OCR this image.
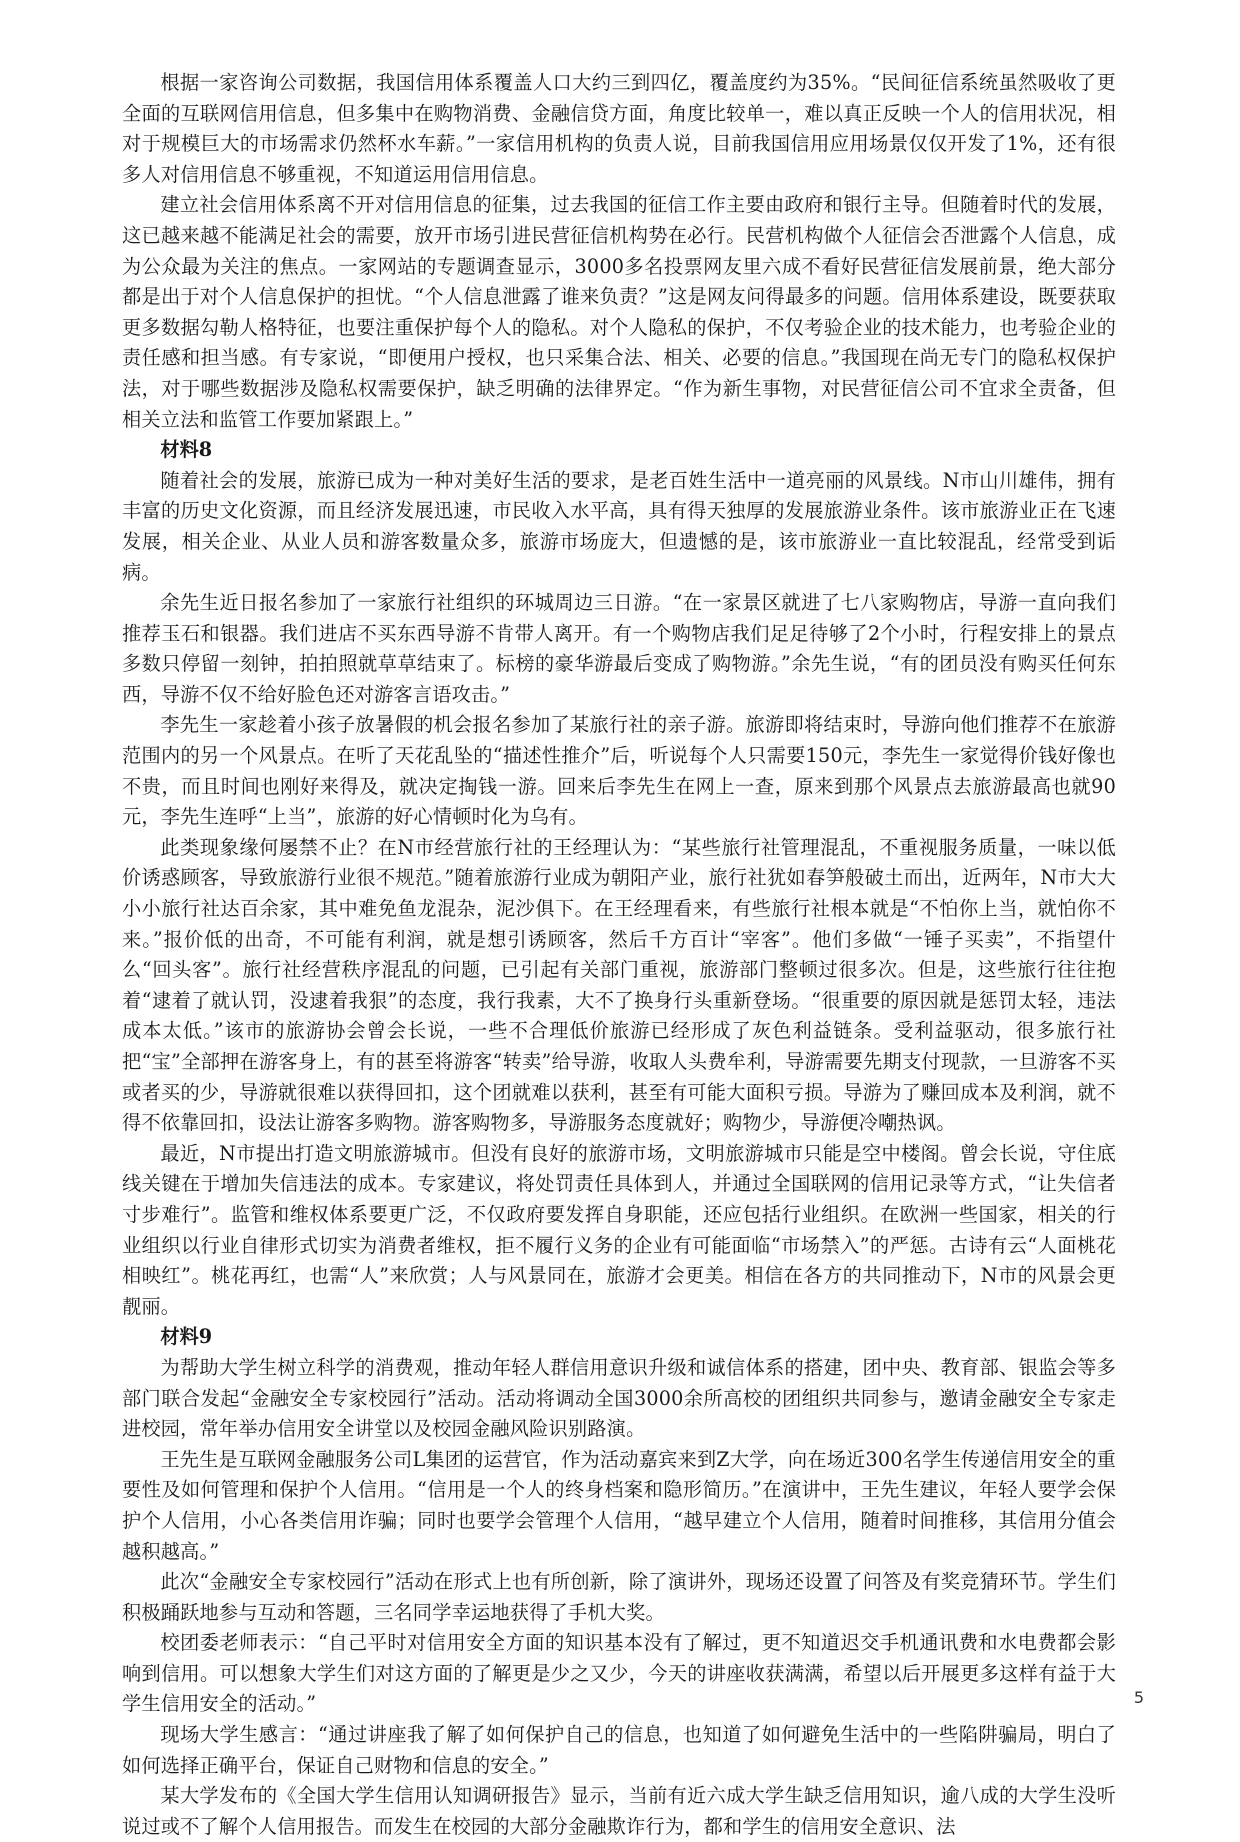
根据一家咨询公司数据，我国信用体系覆盖人口大约三到四亿，覆盖度约为35%。“民间征信系统虽然吸收了更全面的互联网信用信息，但多集中在购物消费、金融信贷方面，角度比较单一，难以真正反映一个人的信用状况，相对于规模巨大的市场需求仍然杯水车薪。”一家信用机构的负责人说，目前我国信用应用场景仅仅开发了1%，还有很多人对信用信息不够重视，不知道运用信用信息。

建立社会信用体系离不开对信用信息的征集，过去我国的征信工作主要由政府和银行主导。但随着时代的发展，这已越来越不能满足社会的需要，放开市场引进民营征信机构势在必行。民营机构做个人征信会否泄露个人信息，成为公众最为关注的焦点。一家网站的专题调查显示，3000多名投票网友里六成不看好民营征信发展前景，绝大部分都是出于对个人信息保护的担忧。“个人信息泄露了谁来负责？”这是网友问得最多的问题。信用体系建设，既要获取更多数据勾勒人格特征，也要注重保护每个人的隐私。对个人隐私的保护，不仅考验企业的技术能力，也考验企业的责任感和担当感。有专家说，“即便用户授权，也只采集合法、相关、必要的信息。”我国现在尚无专门的隐私权保护法，对于哪些数据涉及隐私权需要保护，缺乏明确的法律界定。“作为新生事物，对民营征信公司不宜求全责备，但相关立法和监管工作要加紧跟上。”

材料8

随着社会的发展，旅游已成为一种对美好生活的要求，是老百姓生活中一道亮丽的风景线。N市山川雄伟，拥有丰富的历史文化资源，而且经济发展迅速，市民收入水平高，具有得天独厚的发展旅游业条件。该市旅游业正在飞速发展，相关企业、从业人员和游客数量众多，旅游市场庞大，但遗憾的是，该市旅游业一直比较混乱，经常受到诟病。

余先生近日报名参加了一家旅行社组织的环城周边三日游。“在一家景区就进了七八家购物店，导游一直向我们推荐玉石和银器。我们进店不买东西导游不肯带人离开。有一个购物店我们足足待够了2个小时，行程安排上的景点多数只停留一刻钟，拍拍照就草草结束了。标榜的豪华游最后变成了购物游。”余先生说，“有的团员没有购买任何东西，导游不仅不给好脸色还对游客言语攻击。”

李先生一家趁着小孩子放暑假的机会报名参加了某旅行社的亲子游。旅游即将结束时，导游向他们推荐不在旅游范围内的另一个风景点。在听了天花乱坠的“描述性推介”后，听说每个人只需要150元，李先生一家觉得价钱好像也不贵，而且时间也刚好来得及，就决定掏钱一游。回来后李先生在网上一查，原来到那个风景点去旅游最高也就90元，李先生连呼“上当”，旅游的好心情顿时化为乌有。

此类现象缘何屡禁不止？在N市经营旅行社的王经理认为：“某些旅行社管理混乱，不重视服务质量，一味以低价诱惑顾客，导致旅游行业很不规范。”随着旅游行业成为朝阳产业，旅行社犹如春笋般破土而出，近两年，N市大大小小旅行社达百余家，其中难免鱼龙混杂，泥沙俱下。在王经理看来，有些旅行社根本就是“不怕你上当，就怕你不来。”报价低的出奇，不可能有利润，就是想引诱顾客，然后千方百计“宰客”。他们多做“一锤子买卖”，不指望什么“回头客”。旅行社经营秩序混乱的问题，已引起有关部门重视，旅游部门整顿过很多次。但是，这些旅行往往抱着“逮着了就认罚，没逮着我狠”的态度，我行我素，大不了换身行头重新登场。“很重要的原因就是惩罚太轻，违法成本太低。”该市的旅游协会曾会长说，一些不合理低价旅游已经形成了灰色利益链条。受利益驱动，很多旅行社把“宝”全部押在游客身上，有的甚至将游客“转卖”给导游，收取人头费牟利，导游需要先期支付现款，一旦游客不买或者买的少，导游就很难以获得回扣，这个团就难以获利，甚至有可能大面积亏损。导游为了赚回成本及利润，就不得不依靠回扣，设法让游客多购物。游客购物多，导游服务态度就好；购物少，导游便冷嘲热讽。

最近，N市提出打造文明旅游城市。但没有良好的旅游市场，文明旅游城市只能是空中楼阁。曾会长说，守住底线关键在于增加失信违法的成本。专家建议，将处罚责任具体到人，并通过全国联网的信用记录等方式，“让失信者寸步难行”。监管和维权体系要更广泛，不仅政府要发挥自身职能，还应包括行业组织。在欧洲一些国家，相关的行业组织以行业自律形式切实为消费者维权，拒不履行义务的企业有可能面临“市场禁入”的严惩。古诗有云“人面桃花相映红”。桃花再红，也需“人”来欣赏；人与风景同在，旅游才会更美。相信在各方的共同推动下，N市的风景会更靓丽。

材料9

为帮助大学生树立科学的消费观，推动年轻人群信用意识升级和诚信体系的搭建，团中央、教育部、银监会等多部门联合发起“金融安全专家校园行”活动。活动将调动全国3000余所高校的团组织共同参与，邀请金融安全专家走进校园，常年举办信用安全讲堂以及校园金融风险识别路演。

王先生是互联网金融服务公司L集团的运营官，作为活动嘉宾来到Z大学，向在场近300名学生传递信用安全的重要性及如何管理和保护个人信用。“信用是一个人的终身档案和隐形简历。”在演讲中，王先生建议，年轻人要学会保护个人信用，小心各类信用诈骗；同时也要学会管理个人信用，“越早建立个人信用，随着时间推移，其信用分值会越积越高。”

此次“金融安全专家校园行”活动在形式上也有所创新，除了演讲外，现场还设置了问答及有奖竞猜环节。学生们积极踊跃地参与互动和答题，三名同学幸运地获得了手机大奖。

校团委老师表示：“自己平时对信用安全方面的知识基本没有了解过，更不知道迟交手机通讯费和水电费都会影响到信用。可以想象大学生们对这方面的了解更是少之又少，今天的讲座收获满满，希望以后开展更多这样有益于大学生信用安全的活动。”

现场大学生感言：“通过讲座我了解了如何保护自己的信息，也知道了如何避免生活中的一些陷阱骗局，明白了如何选择正确平台，保证自己财物和信息的安全。”

某大学发布的《全国大学生信用认知调研报告》显示，当前有近六成大学生缺乏信用知识，逾八成的大学生没听说过或不了解个人信用报告。而发生在校园的大部分金融欺诈行为，都和学生的信用安全意识、法

5
